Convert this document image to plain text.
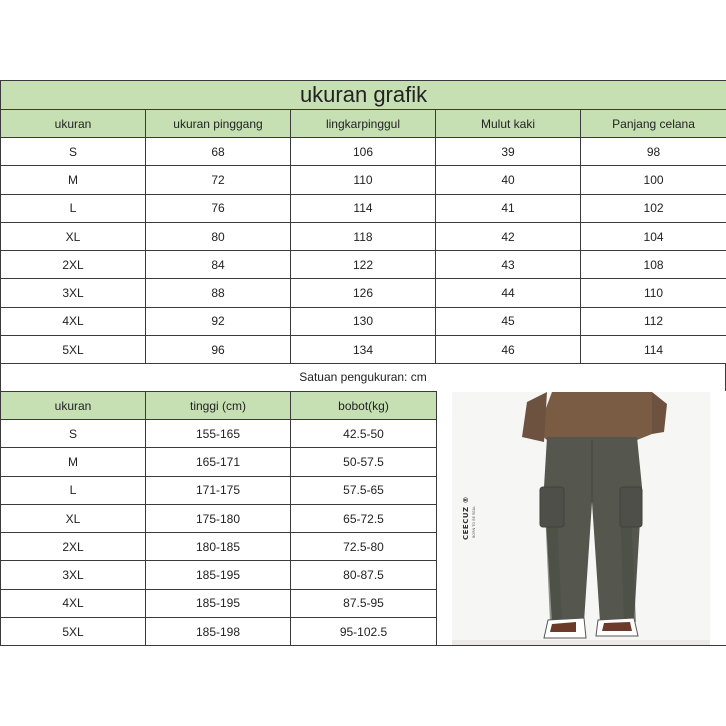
ukuran grafik				
ukuran	ukuran pinggang	lingkarpinggul	Mulut kaki	Panjang celana
S	68	106	39	98
M	72	110	40	100
L	76	114	41	102
XL	80	118	42	104
2XL	84	122	43	108
3XL	88	126	44	110
4XL	92	130	45	112
5XL	96	134	46	114
Satuan pengukuran: cm
ukuran	tinggi (cm)	bobot(kg)
S	155-165	42.5-50
M	165-171	50-57.5
L	171-175	57.5-65
XL	175-180	65-72.5
2XL	180-185	72.5-80
3XL	185-195	80-87.5
4XL	185-195	87.5-95
5XL	185-198	95-102.5
CEECUZ ® BORN TO BE REAL
